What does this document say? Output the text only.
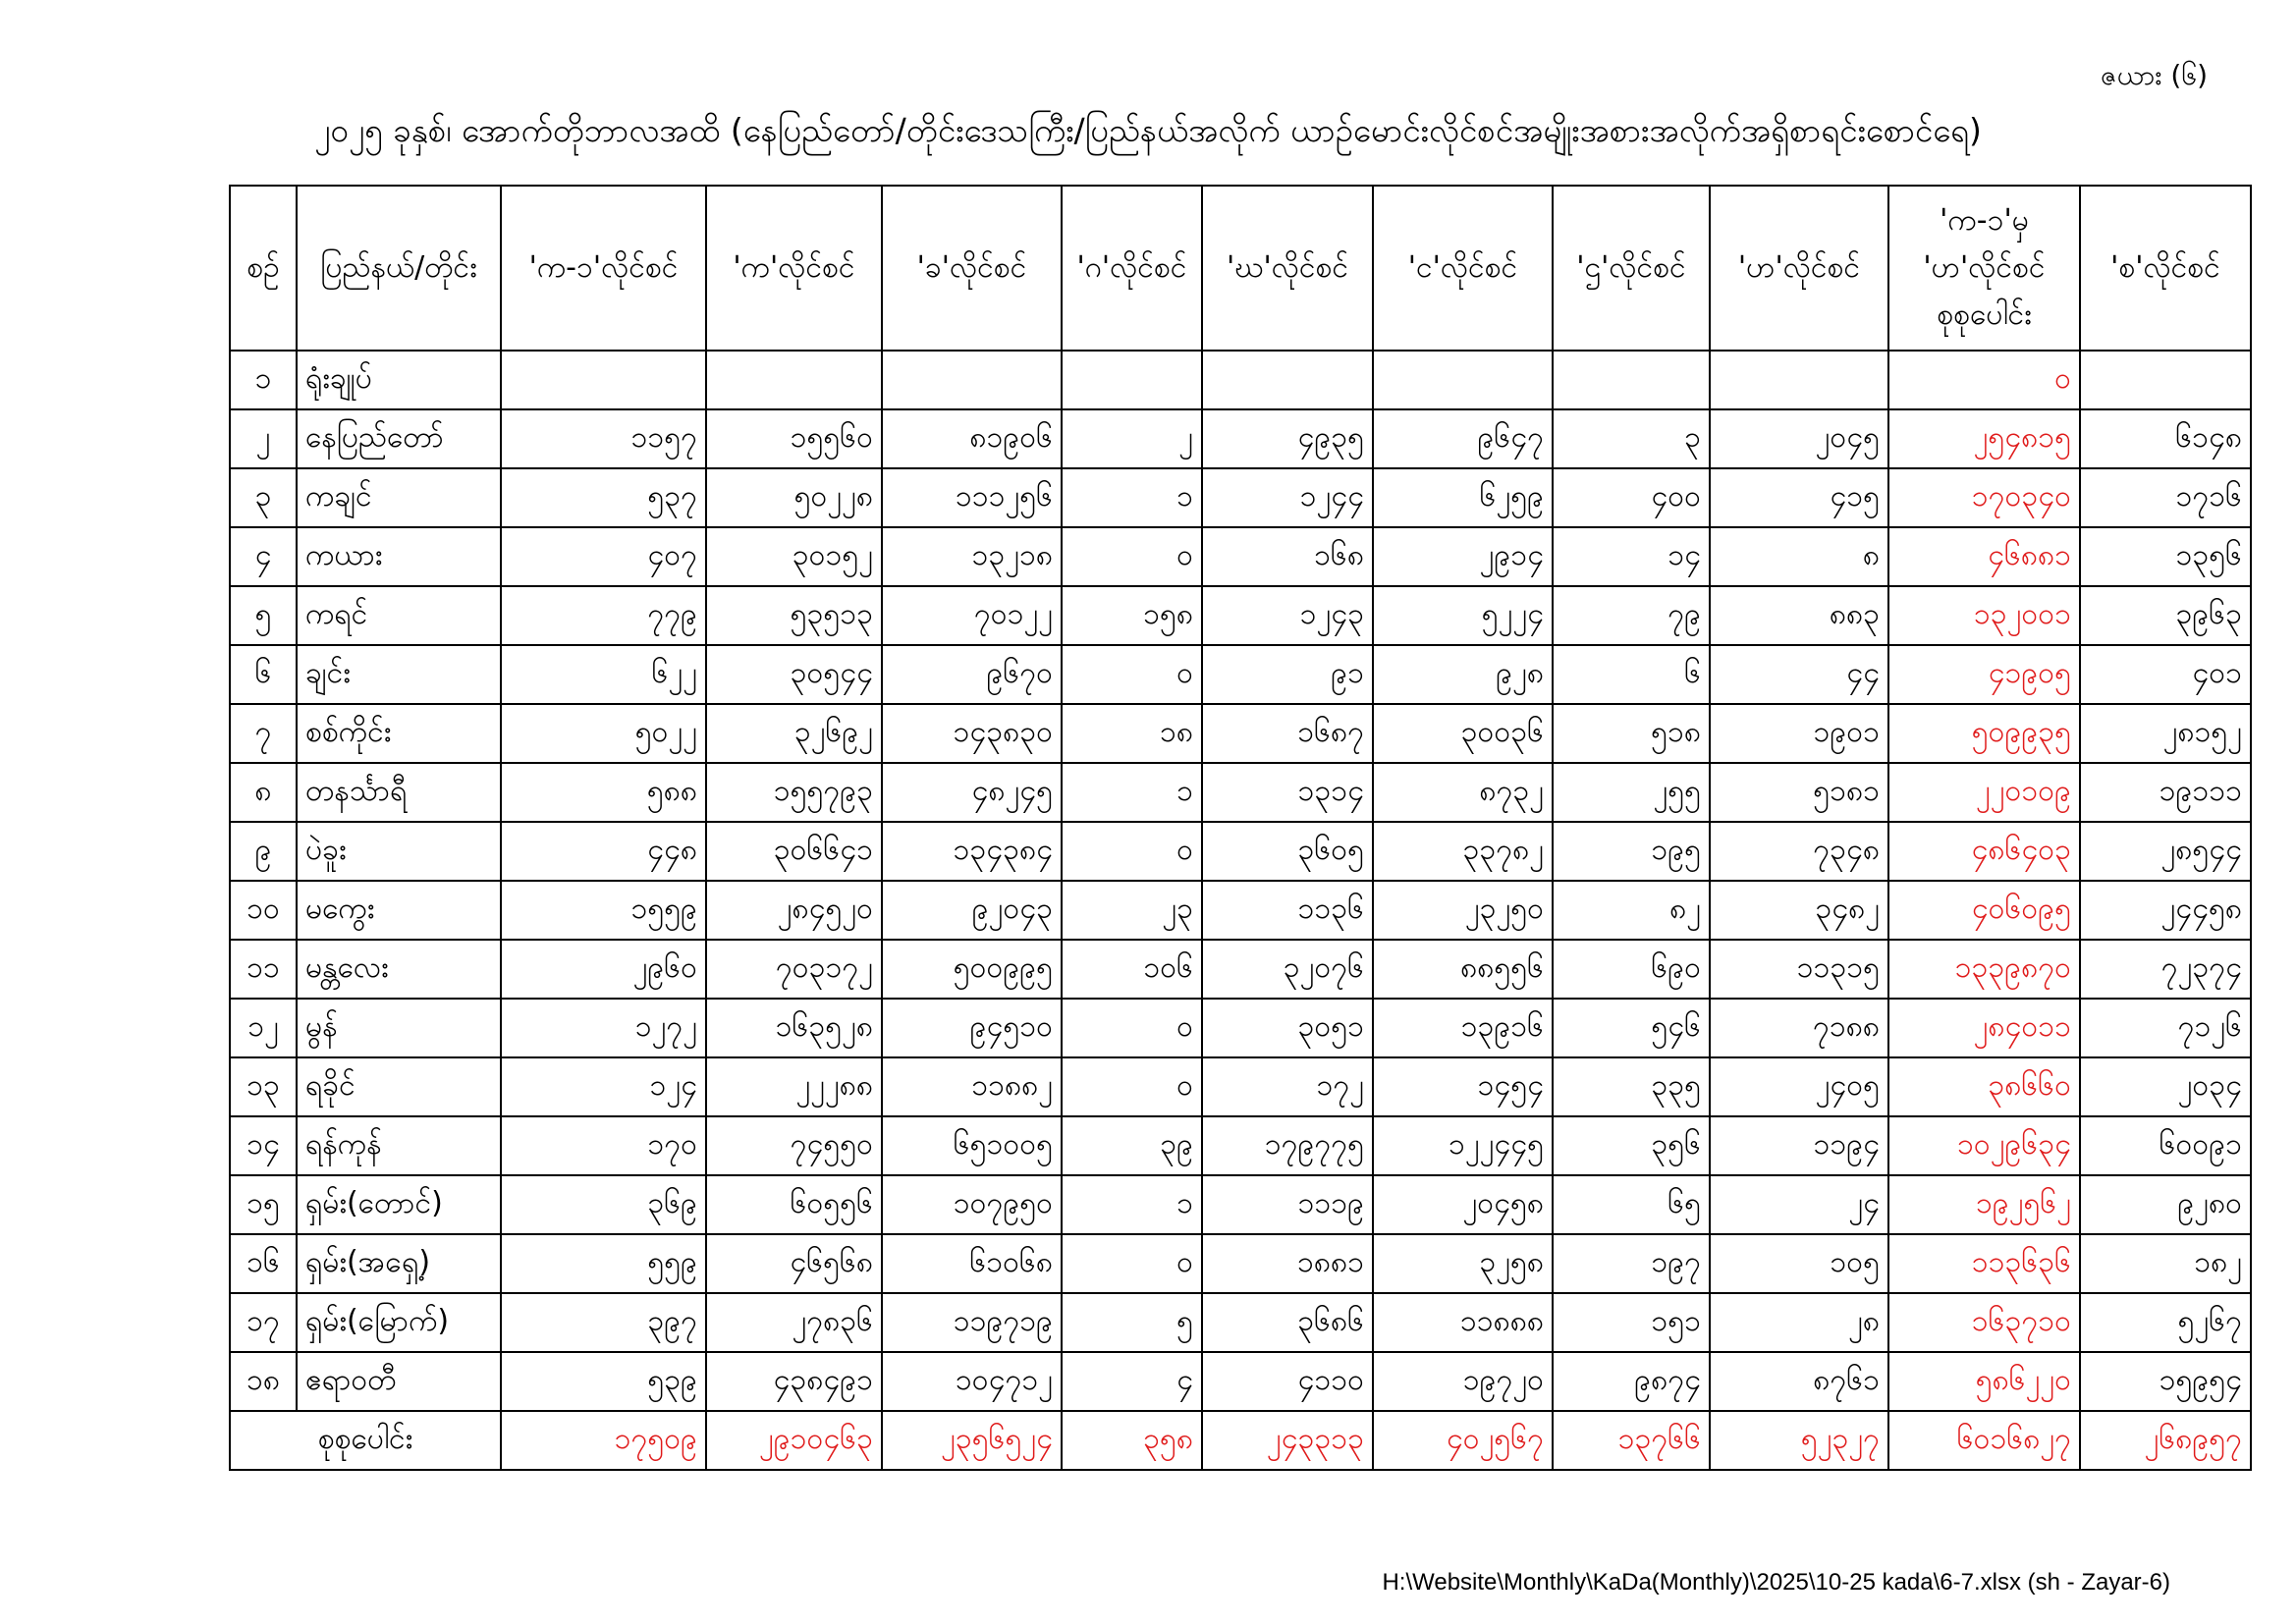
ဇယား (၆)
၂၀၂၅ ခုနှစ်၊ အောက်တိုဘာလအထိ (နေပြည်တော်/တိုင်းဒေသကြီး/ပြည်နယ်အလိုက် ယာဉ်မောင်းလိုင်စင်အမျိုးအစားအလိုက်အရှိစာရင်းစောင်ရေ)
စဉ်	ပြည်နယ်/တိုင်း	'က-၁'လိုင်စင်	'က'လိုင်စင်	'ခ'လိုင်စင်	'ဂ'လိုင်စင်	'ဃ'လိုင်စင်	'င'လိုင်စင်	'ဌ'လိုင်စင်	'ဟ'လိုင်စင်	'က-၁'မှ 'ဟ'လိုင်စင် စုစုပေါင်း	'စ'လိုင်စင်
၁	ရုံးချုပ်									၀	
၂	နေပြည်တော်	၁၁၅၇	၁၅၅၆၀	၈၁၉၀၆	၂	၄၉၃၅	၉၆၄၇	၃	၂၀၄၅	၂၅၄၈၁၅	၆၁၄၈
၃	ကချင်	၅၃၇	၅၀၂၂၈	၁၁၁၂၅၆	၁	၁၂၄၄	၆၂၅၉	၄၀၀	၄၁၅	၁၇၀၃၄၀	၁၇၁၆
၄	ကယား	၄၀၇	၃၀၁၅၂	၁၃၂၁၈	၀	၁၆၈	၂၉၁၄	၁၄	၈	၄၆၈၈၁	၁၃၅၆
၅	ကရင်	၇၇၉	၅၃၅၁၃	၇၀၁၂၂	၁၅၈	၁၂၄၃	၅၂၂၄	၇၉	၈၈၃	၁၃၂၀၀၁	၃၉၆၃
၆	ချင်း	၆၂၂	၃၀၅၄၄	၉၆၇၀	၀	၉၁	၉၂၈	၆	၄၄	၄၁၉၀၅	၄၀၁
၇	စစ်ကိုင်း	၅၀၂၂	၃၂၆၉၂	၁၄၃၈၃၀	၁၈	၁၆၈၇	၃၀၀၃၆	၅၁၈	၁၉၀၁	၅၀၉၉၃၅	၂၈၁၅၂
၈	တနင်္သာရီ	၅၈၈	၁၅၅၇၉၃	၄၈၂၄၅	၁	၁၃၁၄	၈၇၃၂	၂၅၅	၅၁၈၁	၂၂၀၁၀၉	၁၉၁၁၁
၉	ပဲခူး	၄၄၈	၃၀၆၆၄၁	၁၃၄၃၈၄	၀	၃၆၀၅	၃၃၇၈၂	၁၉၅	၇၃၄၈	၄၈၆၄၀၃	၂၈၅၄၄
၁၀	မကွေး	၁၅၅၉	၂၈၄၅၂၀	၉၂၀၄၃	၂၃	၁၁၃၆	၂၃၂၅၀	၈၂	၃၄၈၂	၄၀၆၀၉၅	၂၄၄၅၈
၁၁	မန္တလေး	၂၉၆၀	၇၀၃၁၇၂	၅၀၀၉၉၅	၁၀၆	၃၂၀၇၆	၈၈၅၅၆	၆၉၀	၁၁၃၁၅	၁၃၃၉၈၇၀	၇၂၃၇၄
၁၂	မွန်	၁၂၇၂	၁၆၃၅၂၈	၉၄၅၁၀	၀	၃၀၅၁	၁၃၉၁၆	၅၄၆	၇၁၈၈	၂၈၄၀၁၁	၇၁၂၆
၁၃	ရခိုင်	၁၂၄	၂၂၂၈၈	၁၁၈၈၂	၀	၁၇၂	၁၄၅၄	၃၃၅	၂၄၀၅	၃၈၆၆၀	၂၀၃၄
၁၄	ရန်ကုန်	၁၇၀	၇၄၅၅၀	၆၅၁၀၀၅	၃၉	၁၇၉၇၇၅	၁၂၂၄၄၅	၃၅၆	၁၁၉၄	၁၀၂၉၆၃၄	၆၀၀၉၁
၁၅	ရှမ်း(တောင်)	၃၆၉	၆၀၅၅၆	၁၀၇၉၅၀	၁	၁၁၁၉	၂၀၄၅၈	၆၅	၂၄	၁၉၂၅၆၂	၉၂၈၀
၁၆	ရှမ်း(အရှေ့)	၅၅၉	၄၆၅၆၈	၆၁၀၆၈	၀	၁၈၈၁	၃၂၅၈	၁၉၇	၁၀၅	၁၁၃၆၃၆	၁၈၂
၁၇	ရှမ်း(မြောက်)	၃၉၇	၂၇၈၃၆	၁၁၉၇၁၉	၅	၃၆၈၆	၁၁၈၈၈	၁၅၁	၂၈	၁၆၃၇၁၀	၅၂၆၇
၁၈	ဧရာဝတီ	၅၃၉	၄၃၈၄၉၁	၁၀၄၇၁၂	၄	၄၁၁၀	၁၉၇၂၀	၉၈၇၄	၈၇၆၁	၅၈၆၂၂၀	၁၅၉၅၄
စုစုပေါင်း		၁၇၅၀၉	၂၉၁၀၄၆၃	၂၃၅၆၅၂၄	၃၅၈	၂၄၃၃၁၃	၄၀၂၅၆၇	၁၃၇၆၆	၅၂၃၂၇	၆၀၁၆၈၂၇	၂၆၈၉၅၇
H:\Website\Monthly\KaDa(Monthly)\2025\10-25 kada\6-7.xlsx (sh - Zayar-6)
